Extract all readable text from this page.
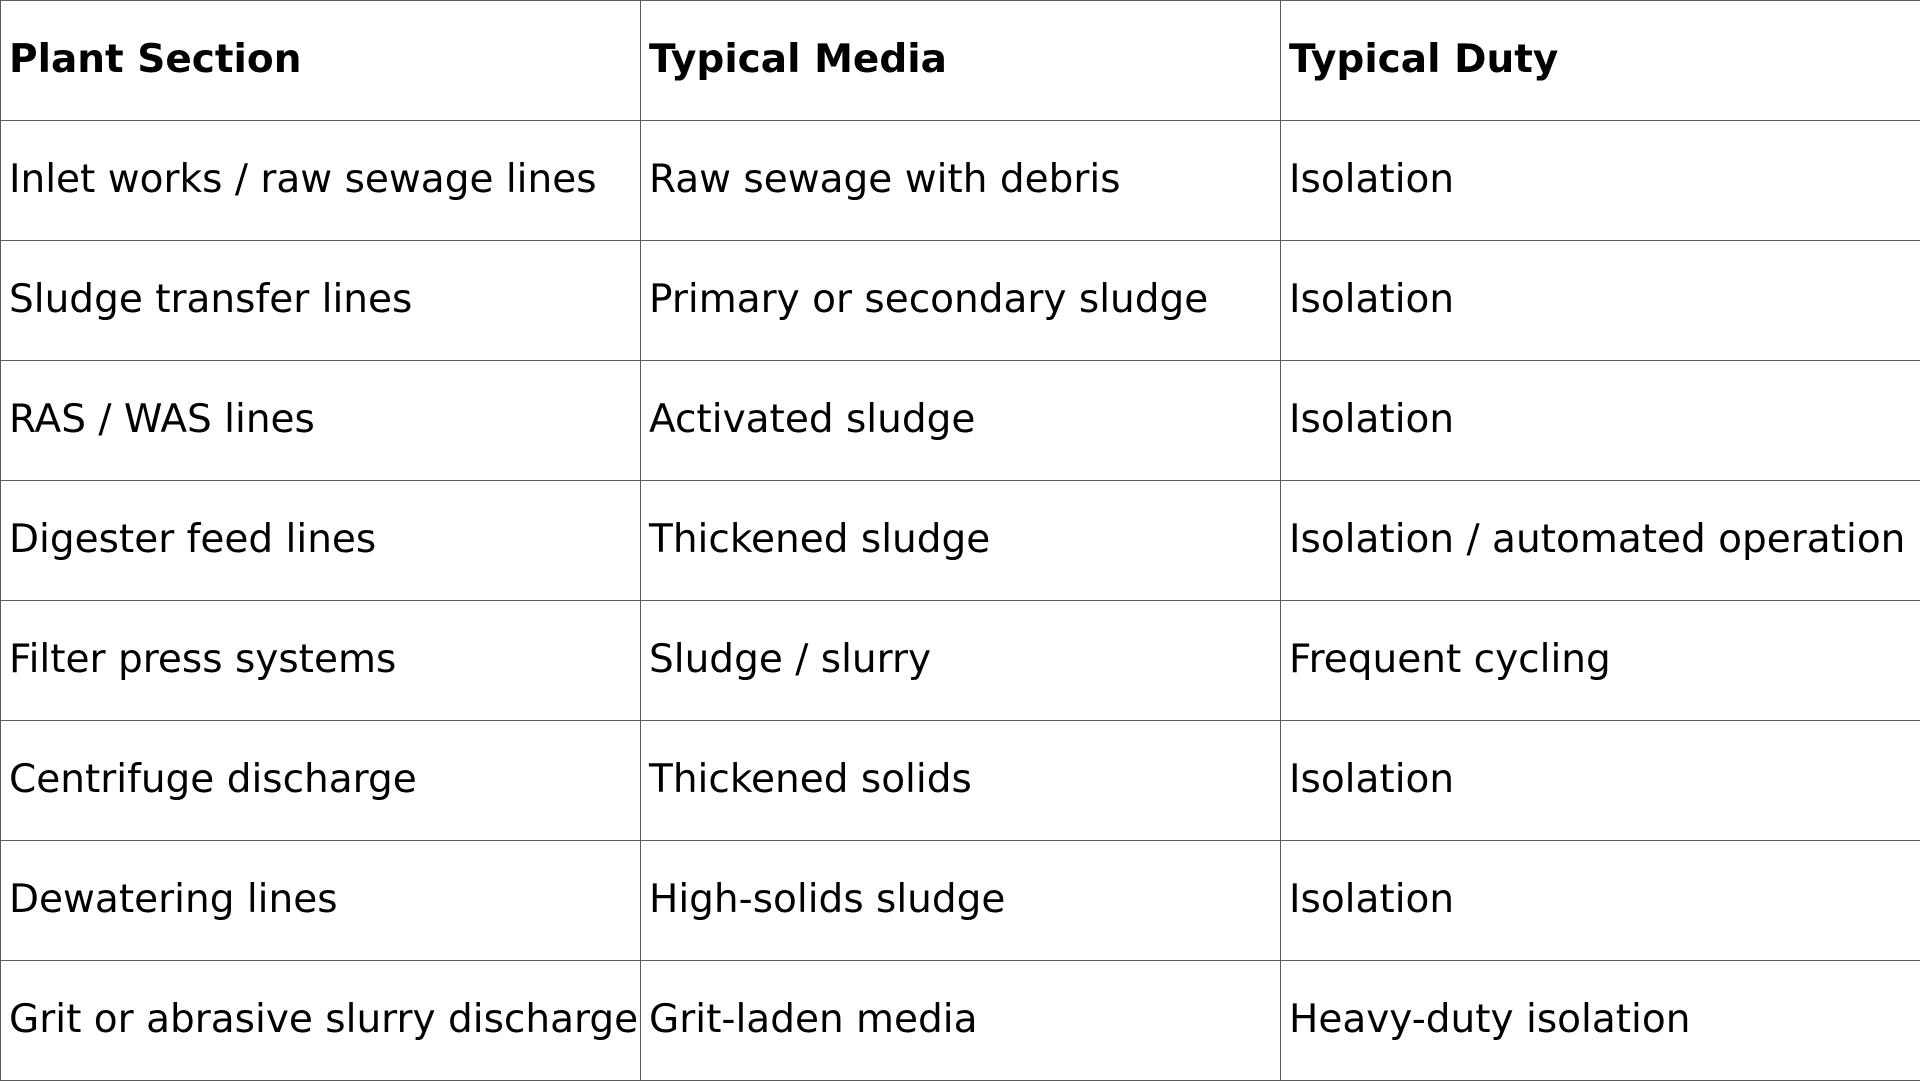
Plant Section	Typical Media	Typical Duty
Inlet works / raw sewage lines	Raw sewage with debris	Isolation
Sludge transfer lines	Primary or secondary sludge	Isolation
RAS / WAS lines	Activated sludge	Isolation
Digester feed lines	Thickened sludge	Isolation / automated operation
Filter press systems	Sludge / slurry	Frequent cycling
Centrifuge discharge	Thickened solids	Isolation
Dewatering lines	High-solids sludge	Isolation
Grit or abrasive slurry discharge	Grit-laden media	Heavy-duty isolation
